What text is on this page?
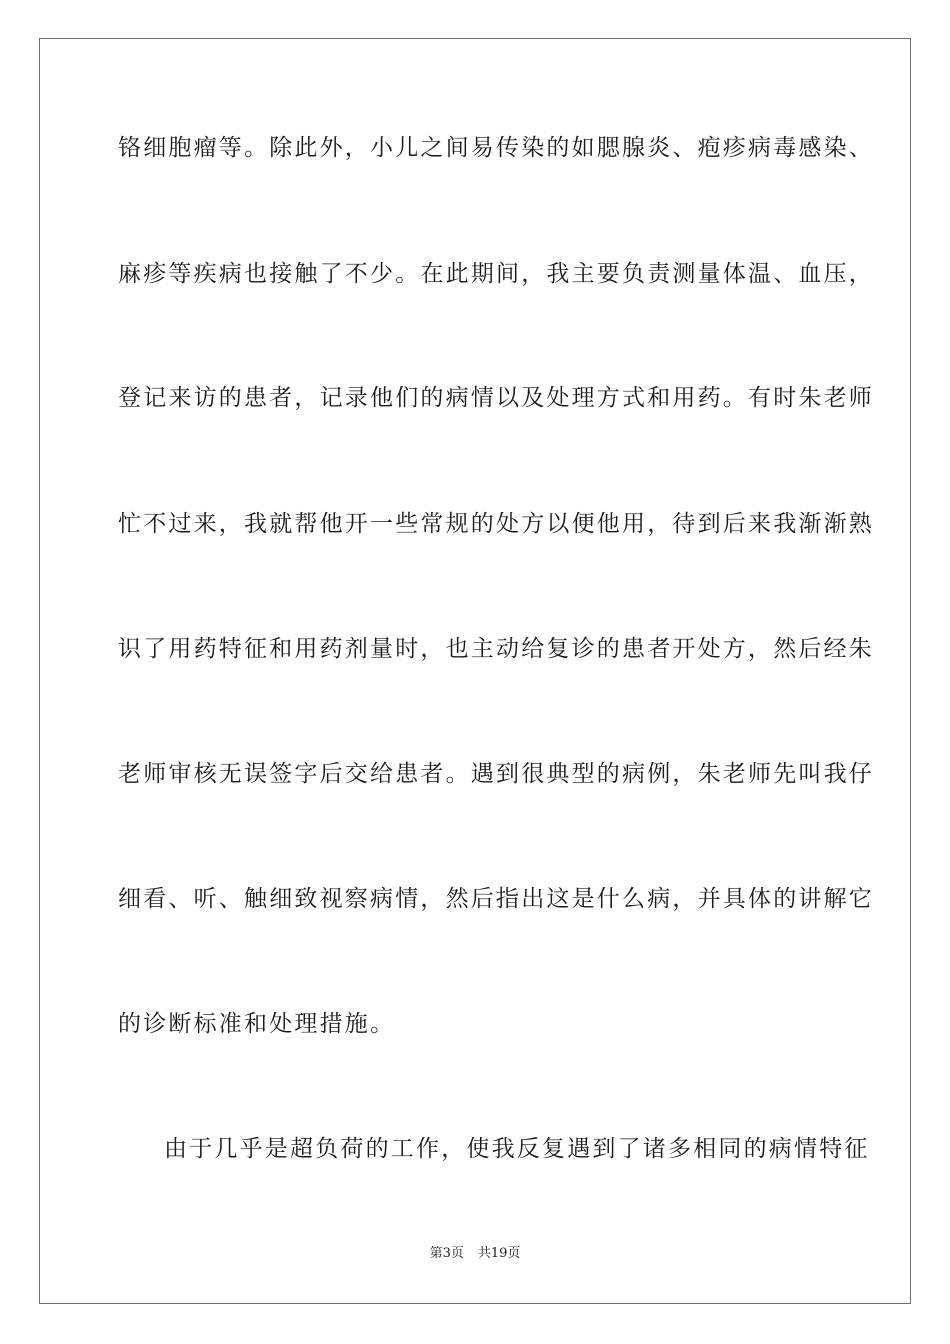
铬细胞瘤等。除此外，小儿之间易传染的如腮腺炎、疱疹病毒感染、

麻疹等疾病也接触了不少。在此期间，我主要负责测量体温、血压，

登记来访的患者，记录他们的病情以及处理方式和用药。有时朱老师

忙不过来，我就帮他开一些常规的处方以便他用，待到后来我渐渐熟

识了用药特征和用药剂量时，也主动给复诊的患者开处方，然后经朱

老师审核无误签字后交给患者。遇到很典型的病例，朱老师先叫我仔

细看、听、触细致视察病情，然后指出这是什么病，并具体的讲解它

的诊断标准和处理措施。

由于几乎是超负荷的工作，使我反复遇到了诸多相同的病情特征

第3页 共19页
